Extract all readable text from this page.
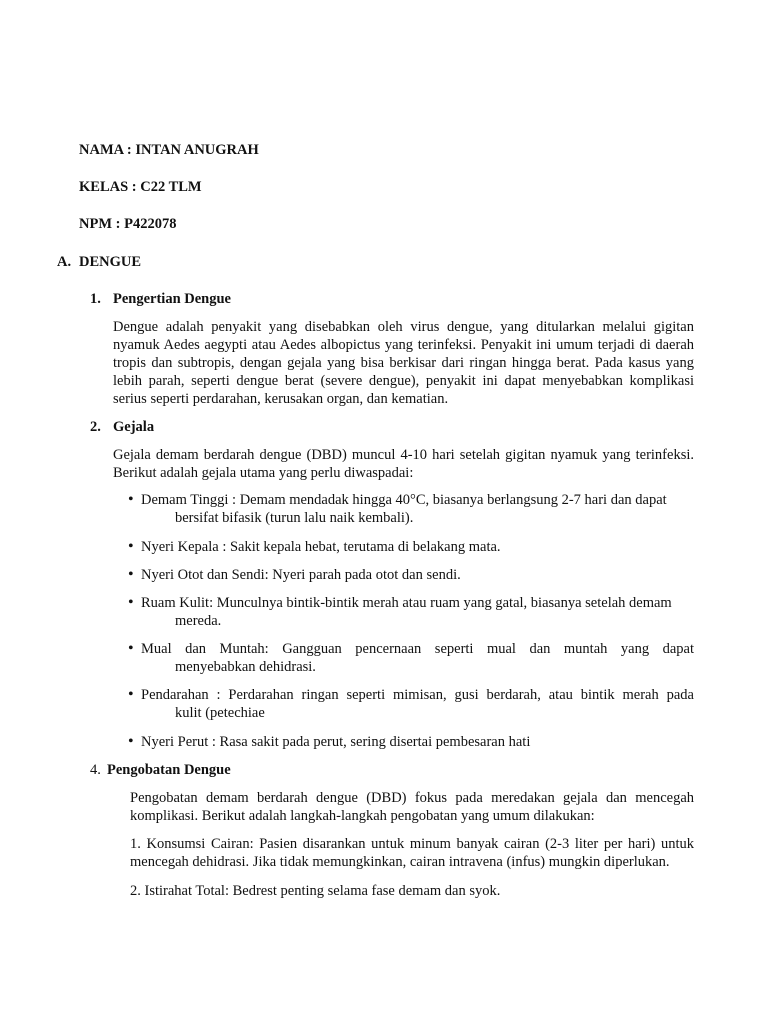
NAMA : INTAN ANUGRAH

KELAS : C22 TLM

NPM : P422078

A. DENGUE
1. Pengertian Dengue

Dengue adalah penyakit yang disebabkan oleh virus dengue, yang ditularkan melalui gigitan nyamuk Aedes aegypti atau Aedes albopictus yang terinfeksi. Penyakit ini umum terjadi di daerah tropis dan subtropis, dengan gejala yang bisa berkisar dari ringan hingga berat. Pada kasus yang lebih parah, seperti dengue berat (severe dengue), penyakit ini dapat menyebabkan komplikasi serius seperti perdarahan, kerusakan organ, dan kematian.

2. Gejala

Gejala demam berdarah dengue (DBD) muncul 4-10 hari setelah gigitan nyamuk yang terinfeksi. Berikut adalah gejala utama yang perlu diwaspadai:

• Demam Tinggi : Demam mendadak hingga 40°C, biasanya berlangsung 2-7 hari dan dapat
bersifat bifasik (turun lalu naik kembali).
• Nyeri Kepala : Sakit kepala hebat, terutama di belakang mata.
• Nyeri Otot dan Sendi: Nyeri parah pada otot dan sendi.
• Ruam Kulit: Munculnya bintik-bintik merah atau ruam yang gatal, biasanya setelah demam
mereda.
• Mual dan Muntah: Gangguan pencernaan seperti mual dan muntah yang dapat
menyebabkan dehidrasi.
• Pendarahan : Perdarahan ringan seperti mimisan, gusi berdarah, atau bintik merah pada
kulit (petechiae
• Nyeri Perut : Rasa sakit pada perut, sering disertai pembesaran hati
4. Pengobatan Dengue

Pengobatan demam berdarah dengue (DBD) fokus pada meredakan gejala dan mencegah komplikasi. Berikut adalah langkah-langkah pengobatan yang umum dilakukan:

1. Konsumsi Cairan: Pasien disarankan untuk minum banyak cairan (2-3 liter per hari) untuk mencegah dehidrasi. Jika tidak memungkinkan, cairan intravena (infus) mungkin diperlukan.

2. Istirahat Total: Bedrest penting selama fase demam dan syok.
